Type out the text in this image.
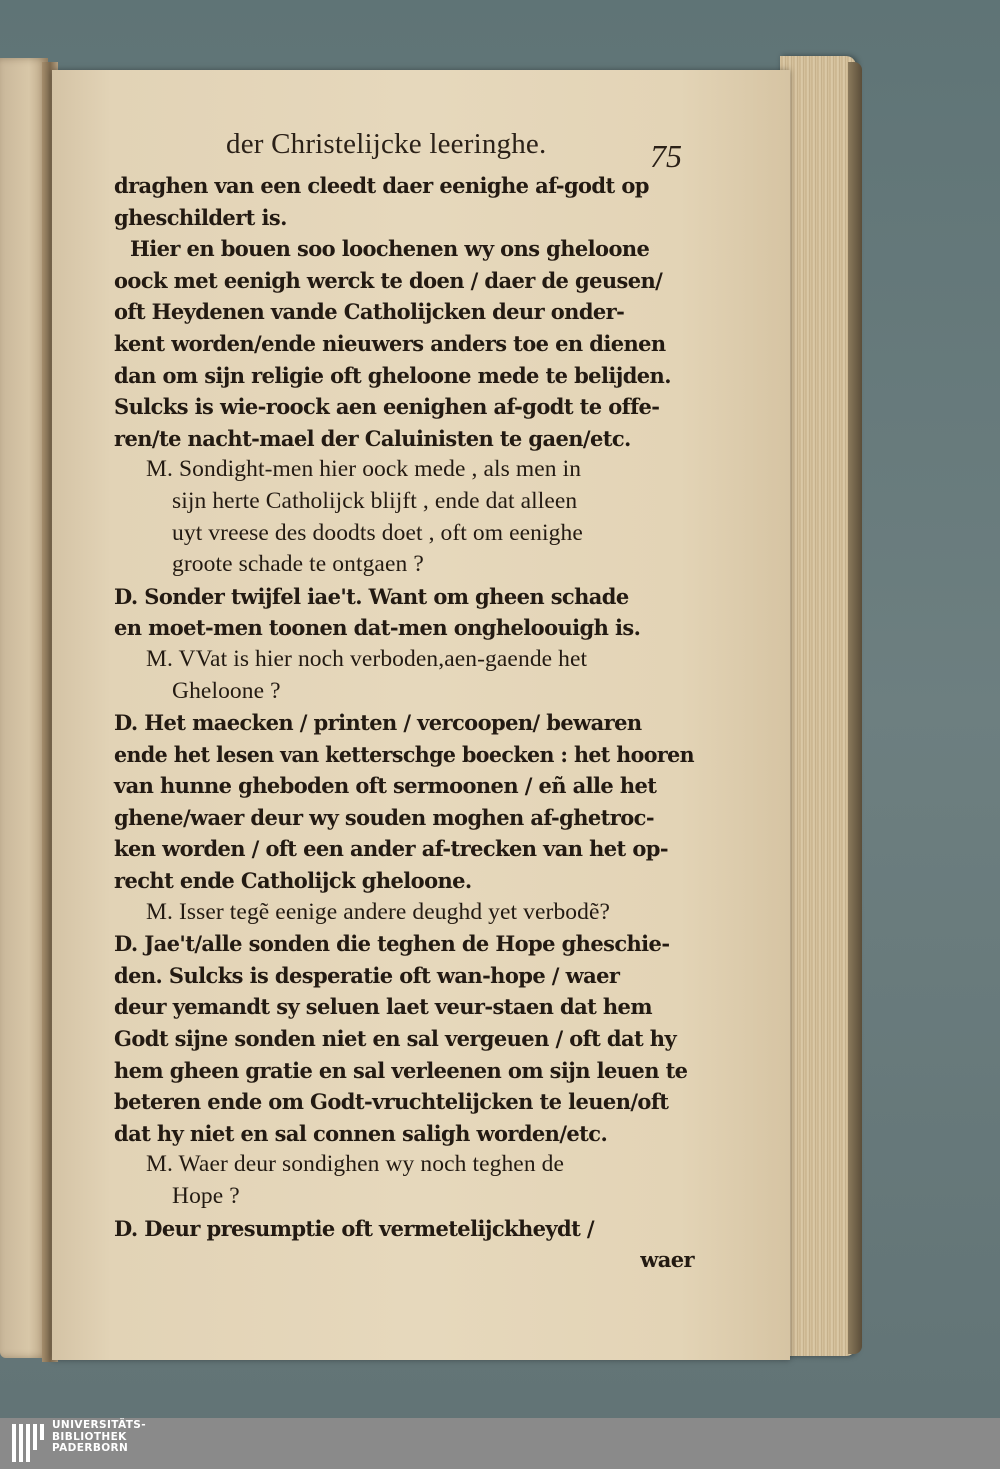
der Christelijcke leeringhe.	75
draghen van een cleedt daer eenighe af-godt op
gheschildert is.
Hier en bouen soo loochenen wy ons gheloone
oock met eenigh werck te doen / daer de geusen/
oft Heydenen vande Catholijcken deur onder-
kent worden/ende nieuwers anders toe en dienen
dan om sijn religie oft gheloone mede te belijden.
Sulcks is wie-roock aen eenighen af-godt te offe-
ren/te nacht-mael der Caluinisten te gaen/etc.
M. Sondight-men hier oock mede , als men in
sijn herte Catholijck blijft , ende dat alleen
uyt vreese des doodts doet , oft om eenighe
groote schade te ontgaen ?
D. Sonder twijfel iae't. Want om gheen schade
en moet-men toonen dat-men ongheloouigh is.
M. VVat is hier noch verboden,aen-gaende het
Gheloone ?
D. Het maecken / printen / vercoopen/ bewaren
ende het lesen van ketterschge boecken : het hooren
van hunne gheboden oft sermoonen / eñ alle het
ghene/waer deur wy souden moghen af-ghetroc-
ken worden / oft een ander af-trecken van het op-
recht ende Catholijck gheloone.
M. Isser tegẽ eenige andere deughd yet verbodẽ?
D. Jae't/alle sonden die teghen de Hope gheschie-
den. Sulcks is desperatie oft wan-hope / waer
deur yemandt sy seluen laet veur-staen dat hem
Godt sijne sonden niet en sal vergeuen / oft dat hy
hem gheen gratie en sal verleenen om sijn leuen te
beteren ende om Godt-vruchtelijcken te leuen/oft
dat hy niet en sal connen saligh worden/etc.
M. Waer deur sondighen wy noch teghen de
Hope ?
D. Deur presumptie oft vermetelijckheydt /
waer
UNIVERSITÄTS-
BIBLIOTHEK
PADERBORN
